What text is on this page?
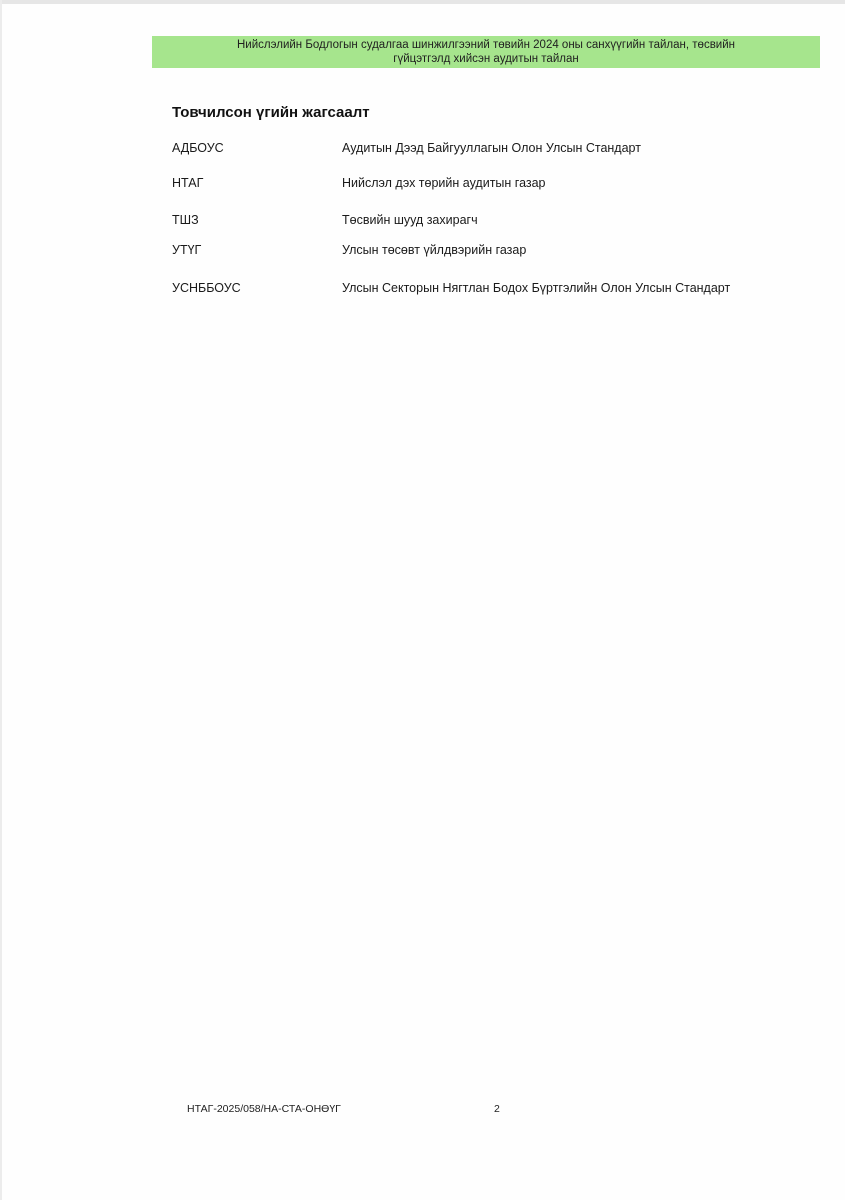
Нийслэлийн Бодлогын судалгаа шинжилгээний төвийн 2024 оны санхүүгийн тайлан, төсвийн
гүйцэтгэлд хийсэн аудитын тайлан
Товчилсон үгийн жагсаалт
АДБОУС	Аудитын Дээд Байгууллагын Олон Улсын Стандарт
НТАГ	Нийслэл дэх төрийн аудитын газар
ТШЗ	Төсвийн шууд захирагч
УТҮГ	Улсын төсөвт үйлдвэрийн газар
УСНББОУС	Улсын Секторын Нягтлан Бодох Бүртгэлийн Олон Улсын Стандарт
НТАГ-2025/058/НА-СТА-ОНӨҮГ	2
